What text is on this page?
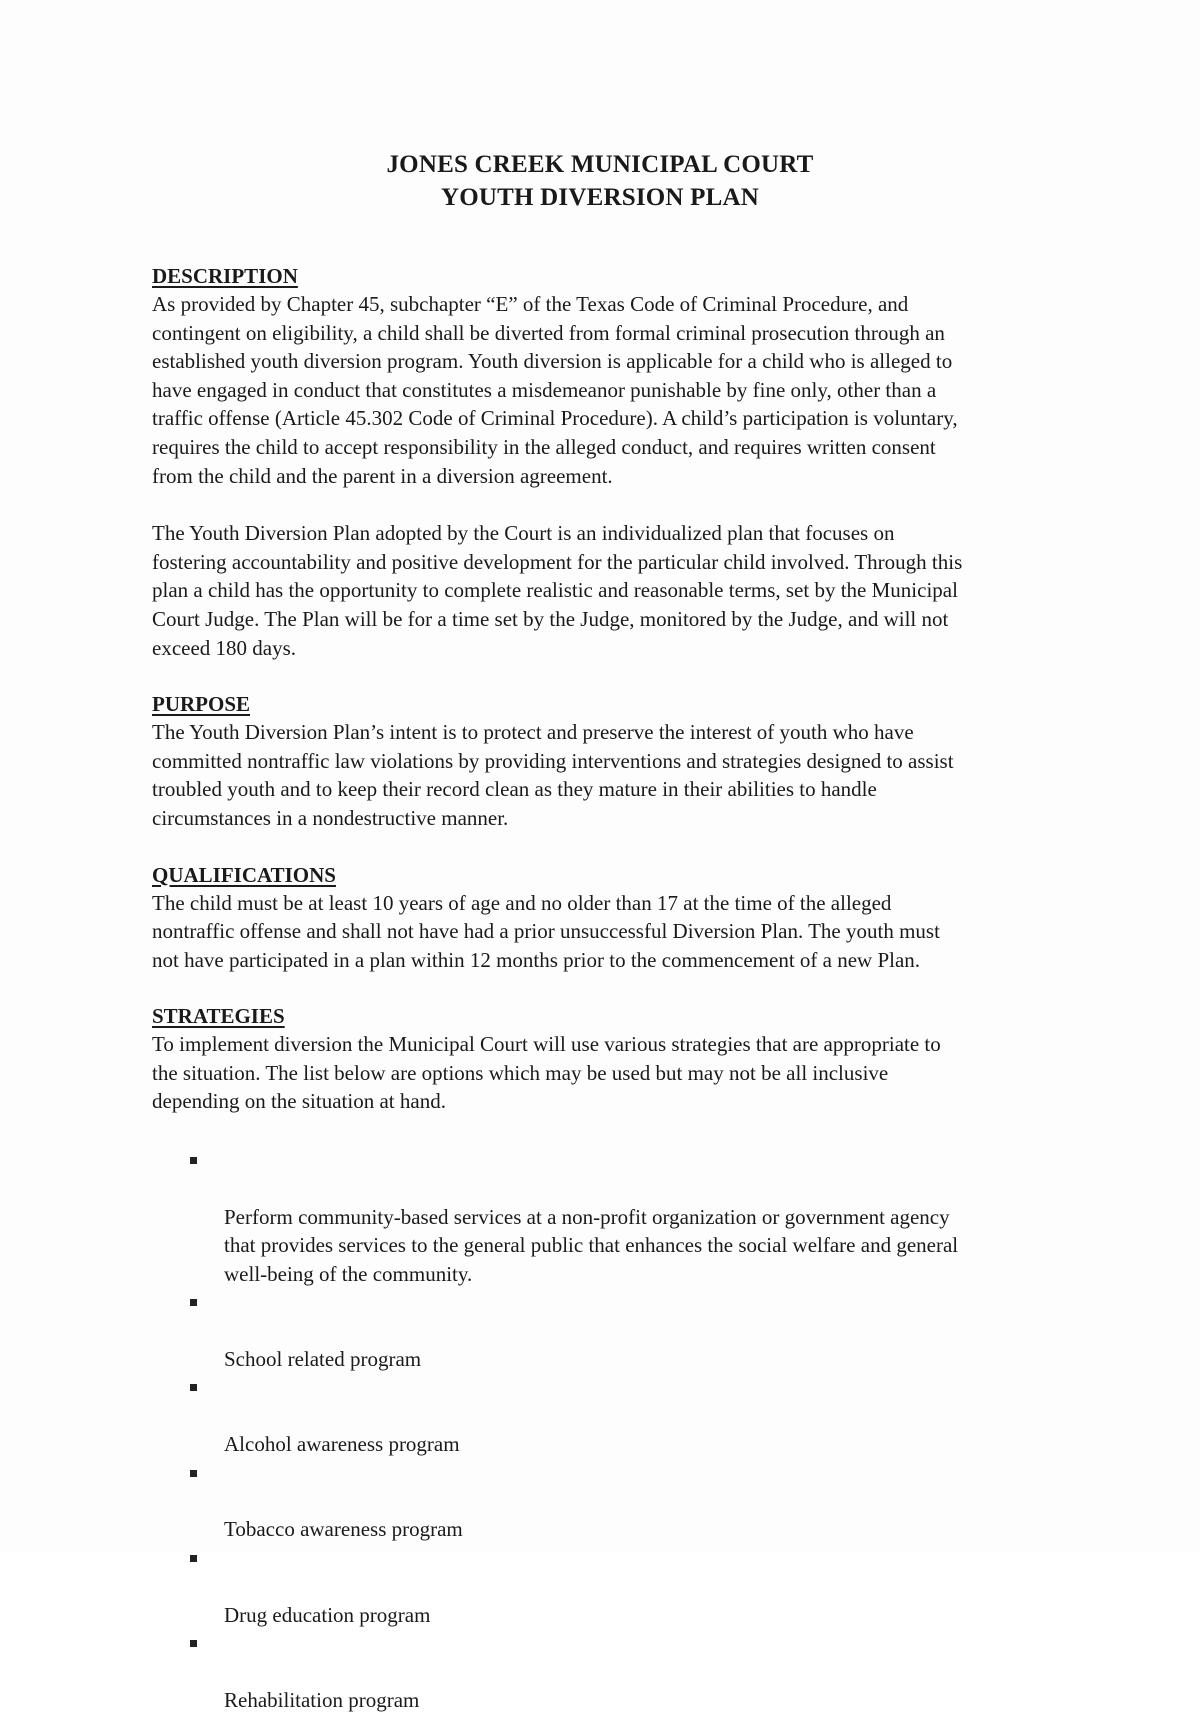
JONES CREEK MUNICIPAL COURT
YOUTH DIVERSION PLAN
DESCRIPTION

As provided by Chapter 45, subchapter “E” of the Texas Code of Criminal Procedure, and
contingent on eligibility, a child shall be diverted from formal criminal prosecution through an
established youth diversion program. Youth diversion is applicable for a child who is alleged to
have engaged in conduct that constitutes a misdemeanor punishable by fine only, other than a
traffic offense (Article 45.302 Code of Criminal Procedure). A child’s participation is voluntary,
requires the child to accept responsibility in the alleged conduct, and requires written consent
from the child and the parent in a diversion agreement.

The Youth Diversion Plan adopted by the Court is an individualized plan that focuses on
fostering accountability and positive development for the particular child involved. Through this
plan a child has the opportunity to complete realistic and reasonable terms, set by the Municipal
Court Judge. The Plan will be for a time set by the Judge, monitored by the Judge, and will not
exceed 180 days.

PURPOSE

The Youth Diversion Plan’s intent is to protect and preserve the interest of youth who have
committed nontraffic law violations by providing interventions and strategies designed to assist
troubled youth and to keep their record clean as they mature in their abilities to handle
circumstances in a nondestructive manner.

QUALIFICATIONS

The child must be at least 10 years of age and no older than 17 at the time of the alleged
nontraffic offense and shall not have had a prior unsuccessful Diversion Plan. The youth must
not have participated in a plan within 12 months prior to the commencement of a new Plan.

STRATEGIES

To implement diversion the Municipal Court will use various strategies that are appropriate to
the situation. The list below are options which may be used but may not be all inclusive
depending on the situation at hand.

Perform community-based services at a non-profit organization or government agency
that provides services to the general public that enhances the social welfare and general
well-being of the community.

School related program

Alcohol awareness program

Tobacco awareness program

Drug education program

Rehabilitation program
